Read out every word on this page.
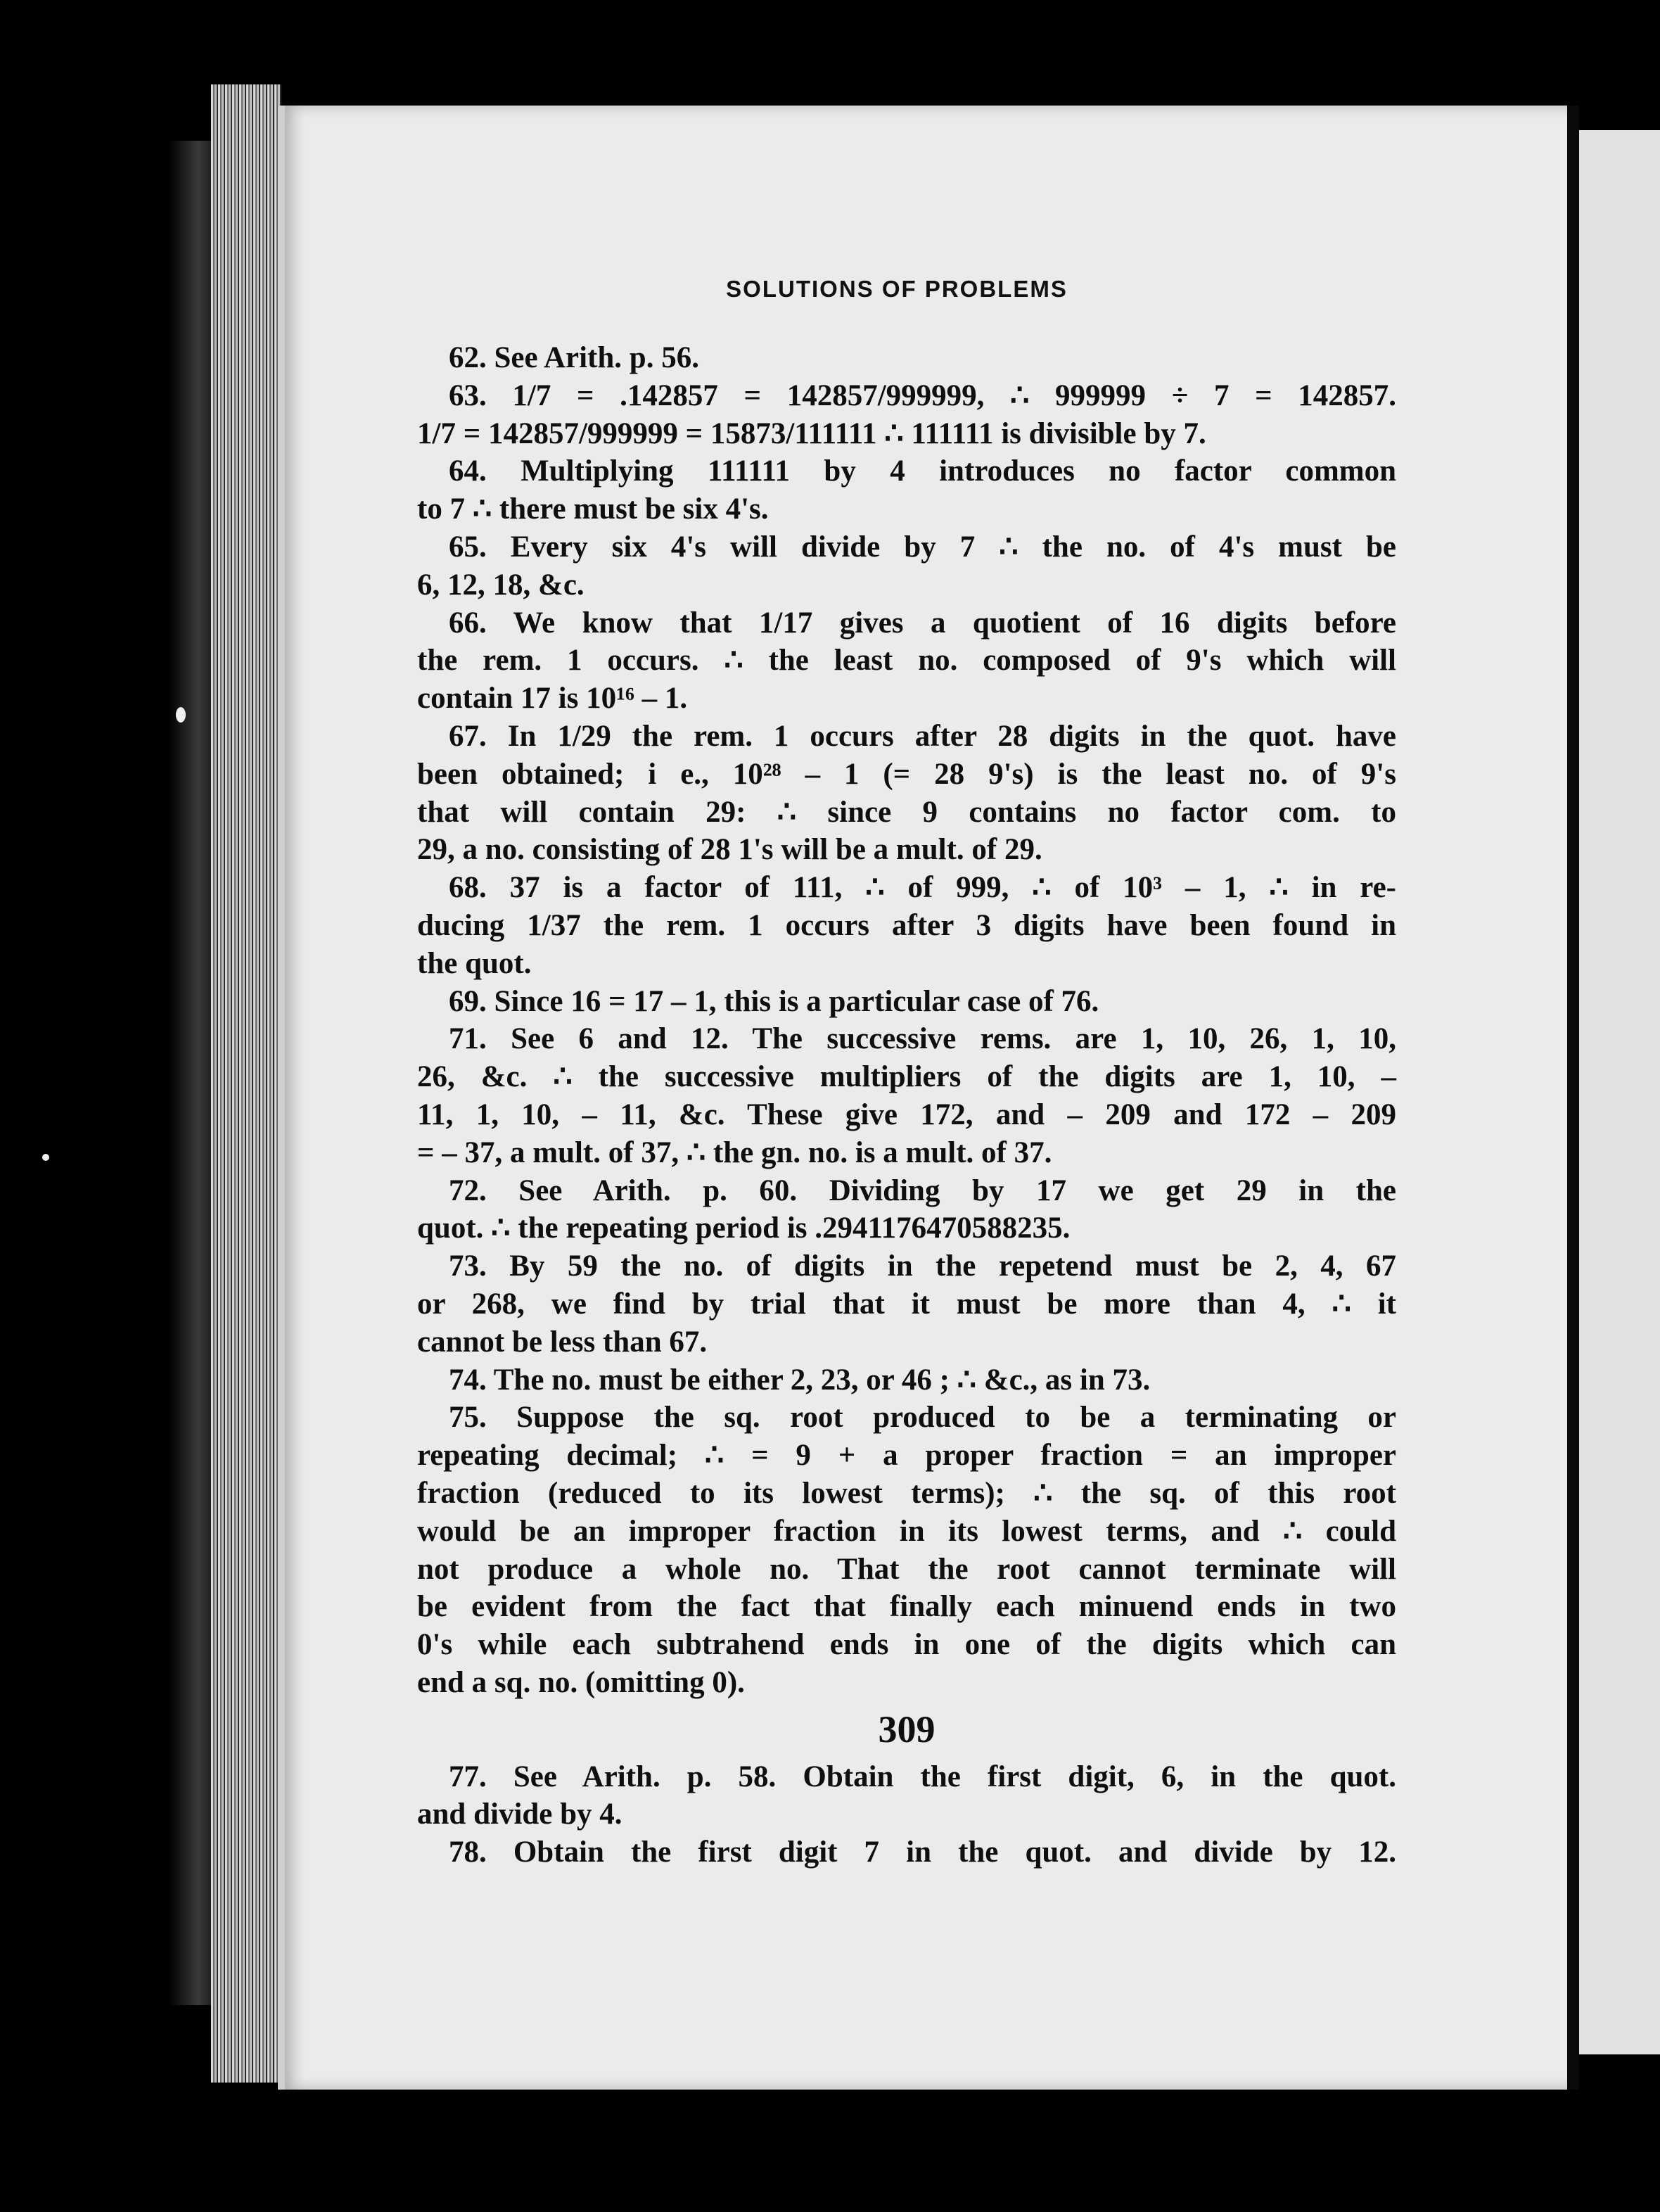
SOLUTIONS OF PROBLEMS
62. See Arith. p. 56.
63. 1/7 = .142857 = 142857/999999, ∴ 999999 ÷ 7 = 142857.
1/7 = 142857/999999 = 15873/111111 ∴ 111111 is divisible by 7.
64. Multiplying 111111 by 4 introduces no factor common
to 7 ∴ there must be six 4's.
65. Every six 4's will divide by 7 ∴ the no. of 4's must be
6, 12, 18, &c.
66. We know that 1/17 gives a quotient of 16 digits before
the rem. 1 occurs. ∴ the least no. composed of 9's which will
contain 17 is 10¹⁶ – 1.
67. In 1/29 the rem. 1 occurs after 28 digits in the quot. have
been obtained; i e., 10²⁸ – 1 (= 28 9's) is the least no. of 9's
that will contain 29: ∴ since 9 contains no factor com. to
29, a no. consisting of 28 1's will be a mult. of 29.
68. 37 is a factor of 111, ∴ of 999, ∴ of 10³ – 1, ∴ in re-
ducing 1/37 the rem. 1 occurs after 3 digits have been found in
the quot.
69. Since 16 = 17 – 1, this is a particular case of 76.
71. See 6 and 12. The successive rems. are 1, 10, 26, 1, 10,
26, &c. ∴ the successive multipliers of the digits are 1, 10, –
11, 1, 10, – 11, &c. These give 172, and – 209 and 172 – 209
= – 37, a mult. of 37, ∴ the gn. no. is a mult. of 37.
72. See Arith. p. 60. Dividing by 17 we get 29 in the
quot. ∴ the repeating period is .2941176470588235.
73. By 59 the no. of digits in the repetend must be 2, 4, 67
or 268, we find by trial that it must be more than 4, ∴ it
cannot be less than 67.
74. The no. must be either 2, 23, or 46 ; ∴ &c., as in 73.
75. Suppose the sq. root produced to be a terminating or
repeating decimal; ∴ = 9 + a proper fraction = an improper
fraction (reduced to its lowest terms); ∴ the sq. of this root
would be an improper fraction in its lowest terms, and ∴ could
not produce a whole no. That the root cannot terminate will
be evident from the fact that finally each minuend ends in two
0's while each subtrahend ends in one of the digits which can
end a sq. no. (omitting 0).
309
77. See Arith. p. 58. Obtain the first digit, 6, in the quot.
and divide by 4.
78. Obtain the first digit 7 in the quot. and divide by 12.
